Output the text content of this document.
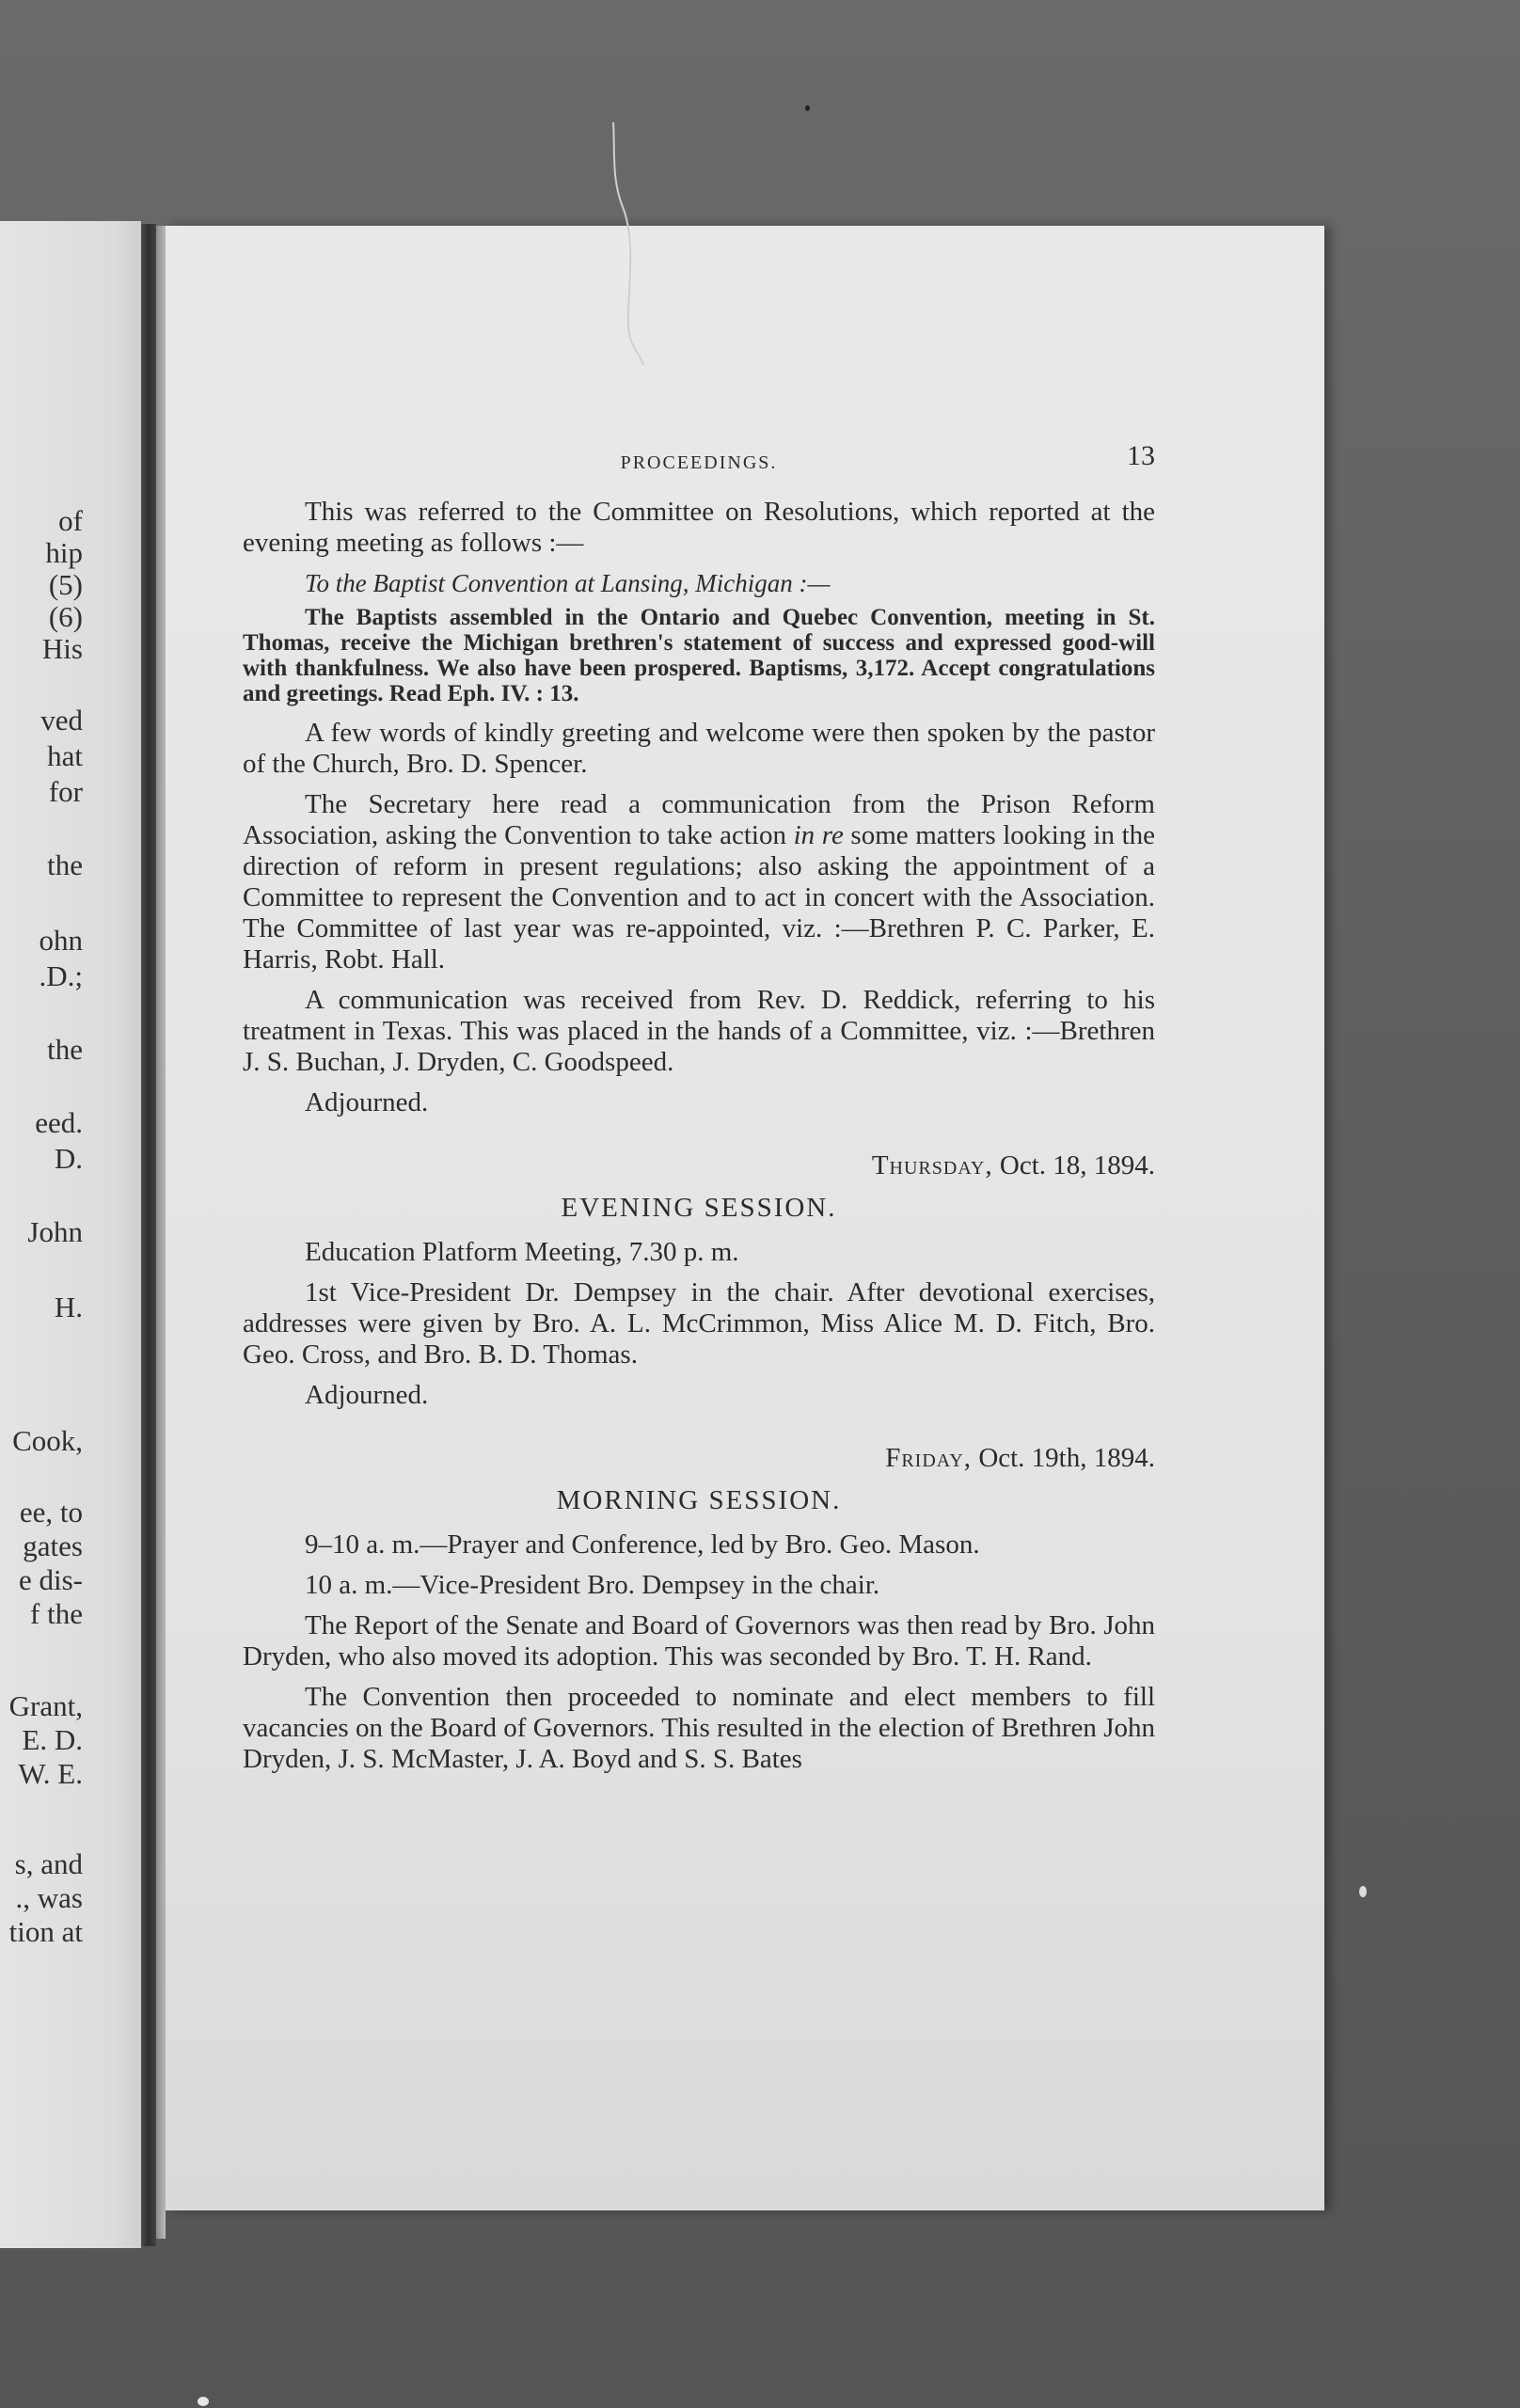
of
hip
(5)
(6)
His
ved
hat
for
the
ohn
.D.;
the
eed.
D.
John
H.
Cook,
ee, to
gates
e dis-
f the
Grant,
E. D.
W. E.
s, and
., was
tion at
PROCEEDINGS.	13

This was referred to the Committee on Resolutions, which reported at the evening meeting as follows :—

To the Baptist Convention at Lansing, Michigan :—

The Baptists assembled in the Ontario and Quebec Convention, meeting in St. Thomas, receive the Michigan brethren's statement of success and expressed good-will with thankfulness. We also have been prospered. Baptisms, 3,172. Accept congratulations and greetings. Read Eph. IV. : 13.

A few words of kindly greeting and welcome were then spoken by the pastor of the Church, Bro. D. Spencer.

The Secretary here read a communication from the Prison Reform Association, asking the Convention to take action in re some matters looking in the direction of reform in present regulations; also asking the appointment of a Committee to represent the Convention and to act in concert with the Association. The Committee of last year was re-appointed, viz. :—Brethren P. C. Parker, E. Harris, Robt. Hall.

A communication was received from Rev. D. Reddick, referring to his treatment in Texas. This was placed in the hands of a Committee, viz. :—Brethren J. S. Buchan, J. Dryden, C. Goodspeed.

Adjourned.

Thursday, Oct. 18, 1894.
EVENING SESSION.

Education Platform Meeting, 7.30 p. m.

1st Vice-President Dr. Dempsey in the chair. After devotional exercises, addresses were given by Bro. A. L. McCrimmon, Miss Alice M. D. Fitch, Bro. Geo. Cross, and Bro. B. D. Thomas.

Adjourned.

Friday, Oct. 19th, 1894.
MORNING SESSION.

9–10 a. m.—Prayer and Conference, led by Bro. Geo. Mason.

10 a. m.—Vice-President Bro. Dempsey in the chair.

The Report of the Senate and Board of Governors was then read by Bro. John Dryden, who also moved its adoption. This was seconded by Bro. T. H. Rand.

The Convention then proceeded to nominate and elect members to fill vacancies on the Board of Governors. This resulted in the election of Brethren John Dryden, J. S. McMaster, J. A. Boyd and S. S. Bates
